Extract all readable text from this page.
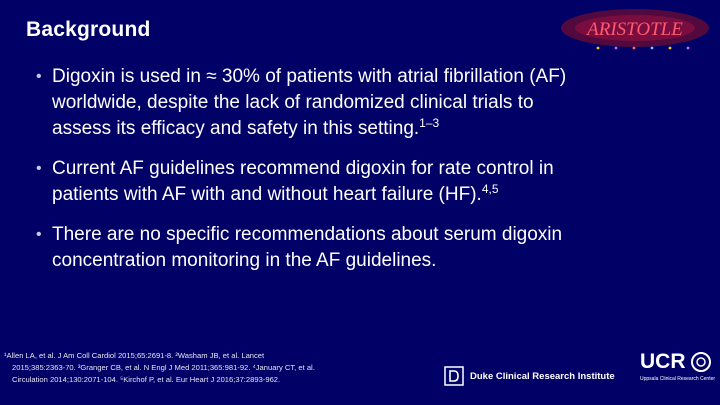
Background	ARISTOTLE
• Digoxin is used in ≈ 30% of patients with atrial fibrillation (AF) worldwide, despite the lack of randomized clinical trials to assess its efficacy and safety in this setting.$^{1-3}$
• Current AF guidelines recommend digoxin for rate control in patients with AF with and without heart failure (HF).$^{4,5}$
• There are no specific recommendations about serum digoxin concentration monitoring in the AF guidelines.

¹Allen LA, et al. J Am Coll Cardiol 2015;65:2691-8. ²Washam JB, et al. Lancet

2015;385:2363-70. ³Granger CB, et al. N Engl J Med 2011;365:981-92. ⁴January CT, et al.

Circulation 2014;130:2071-104. ⁵Kirchof P, et al. Eur Heart J 2016;37:2893-962.	Duke Clinical Research Institute
UCR
Uppsala Clinical Research Center
